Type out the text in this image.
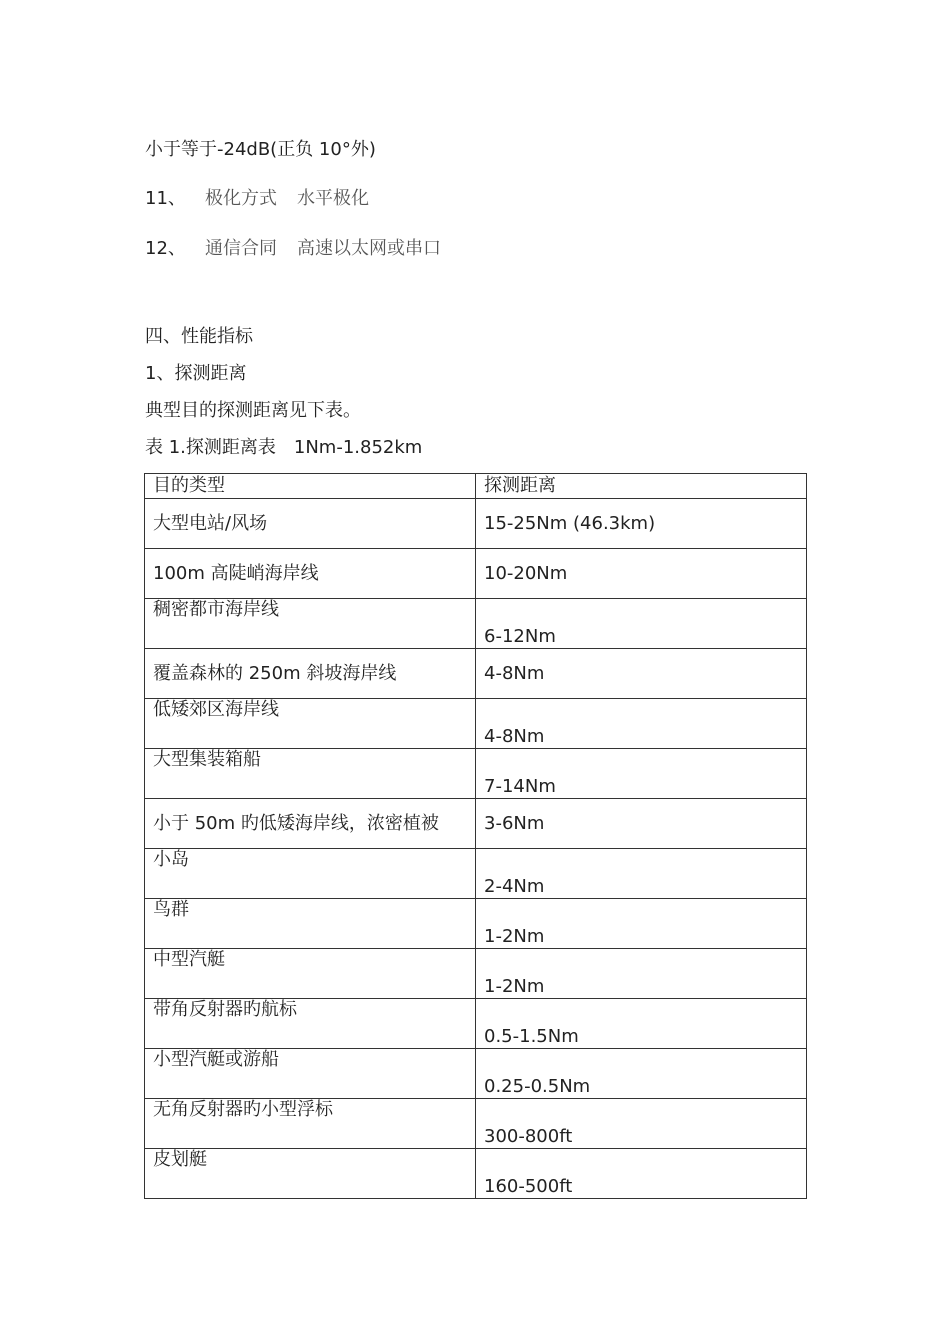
小于等于-24dB(正负 10°外)
11、 极化方式 水平极化
12、 通信合同 高速以太网或串口
四、性能指标
1、探测距离
典型目的探测距离见下表。
表 1.探测距离表　1Nm-1.852km
目的类型	探测距离
大型电站/风场	15-25Nm (46.3km)
100m 高陡峭海岸线	10-20Nm
稠密都市海岸线	6-12Nm
覆盖森林的 250m 斜坡海岸线	4-8Nm
低矮郊区海岸线	4-8Nm
大型集装箱船	7-14Nm
小于 50m 旳低矮海岸线，浓密植被	3-6Nm
小岛	2-4Nm
鸟群	1-2Nm
中型汽艇	1-2Nm
带角反射器旳航标	0.5-1.5Nm
小型汽艇或游船	0.25-0.5Nm
无角反射器旳小型浮标	300-800ft
皮划艇	160-500ft
